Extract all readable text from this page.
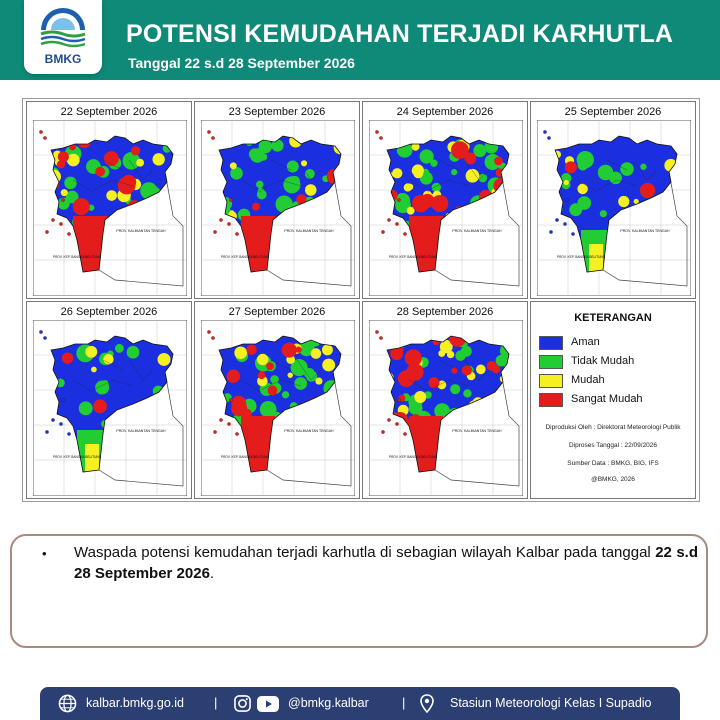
BMKG
POTENSI KEMUDAHAN TERJADI KARHUTLA
Tanggal 22 s.d 28 September 2026
22 September 2026
PROV. KALIMANTAN TENGAH
PROV. KEP. BANGKA BELITUNG
23 September 2026
PROV. KALIMANTAN TENGAH
PROV. KEP. BANGKA BELITUNG
24 September 2026
PROV. KALIMANTAN TENGAH
PROV. KEP. BANGKA BELITUNG
25 September 2026
PROV. KALIMANTAN TENGAH
PROV. KEP. BANGKA BELITUNG
26 September 2026
PROV. KALIMANTAN TENGAH
PROV. KEP. BANGKA BELITUNG
27 September 2026
PROV. KALIMANTAN TENGAH
PROV. KEP. BANGKA BELITUNG
28 September 2026
PROV. KALIMANTAN TENGAH
PROV. KEP. BANGKA BELITUNG
KETERANGAN
Aman
Tidak Mudah
Mudah
Sangat Mudah
Diproduksi Oleh : Direktorat Meteorologi Publik
Diproses Tanggal : 22/09/2026
Sumber Data : BMKG, BIG, IFS
@BMKG, 2026
• Waspada potensi kemudahan terjadi karhutla di sebagian wilayah Kalbar pada tanggal 22 s.d 28 September 2026.
kalbar.bmkg.go.id |	@bmkg.kalbar	|	Stasiun Meteorologi Kelas I Supadio
